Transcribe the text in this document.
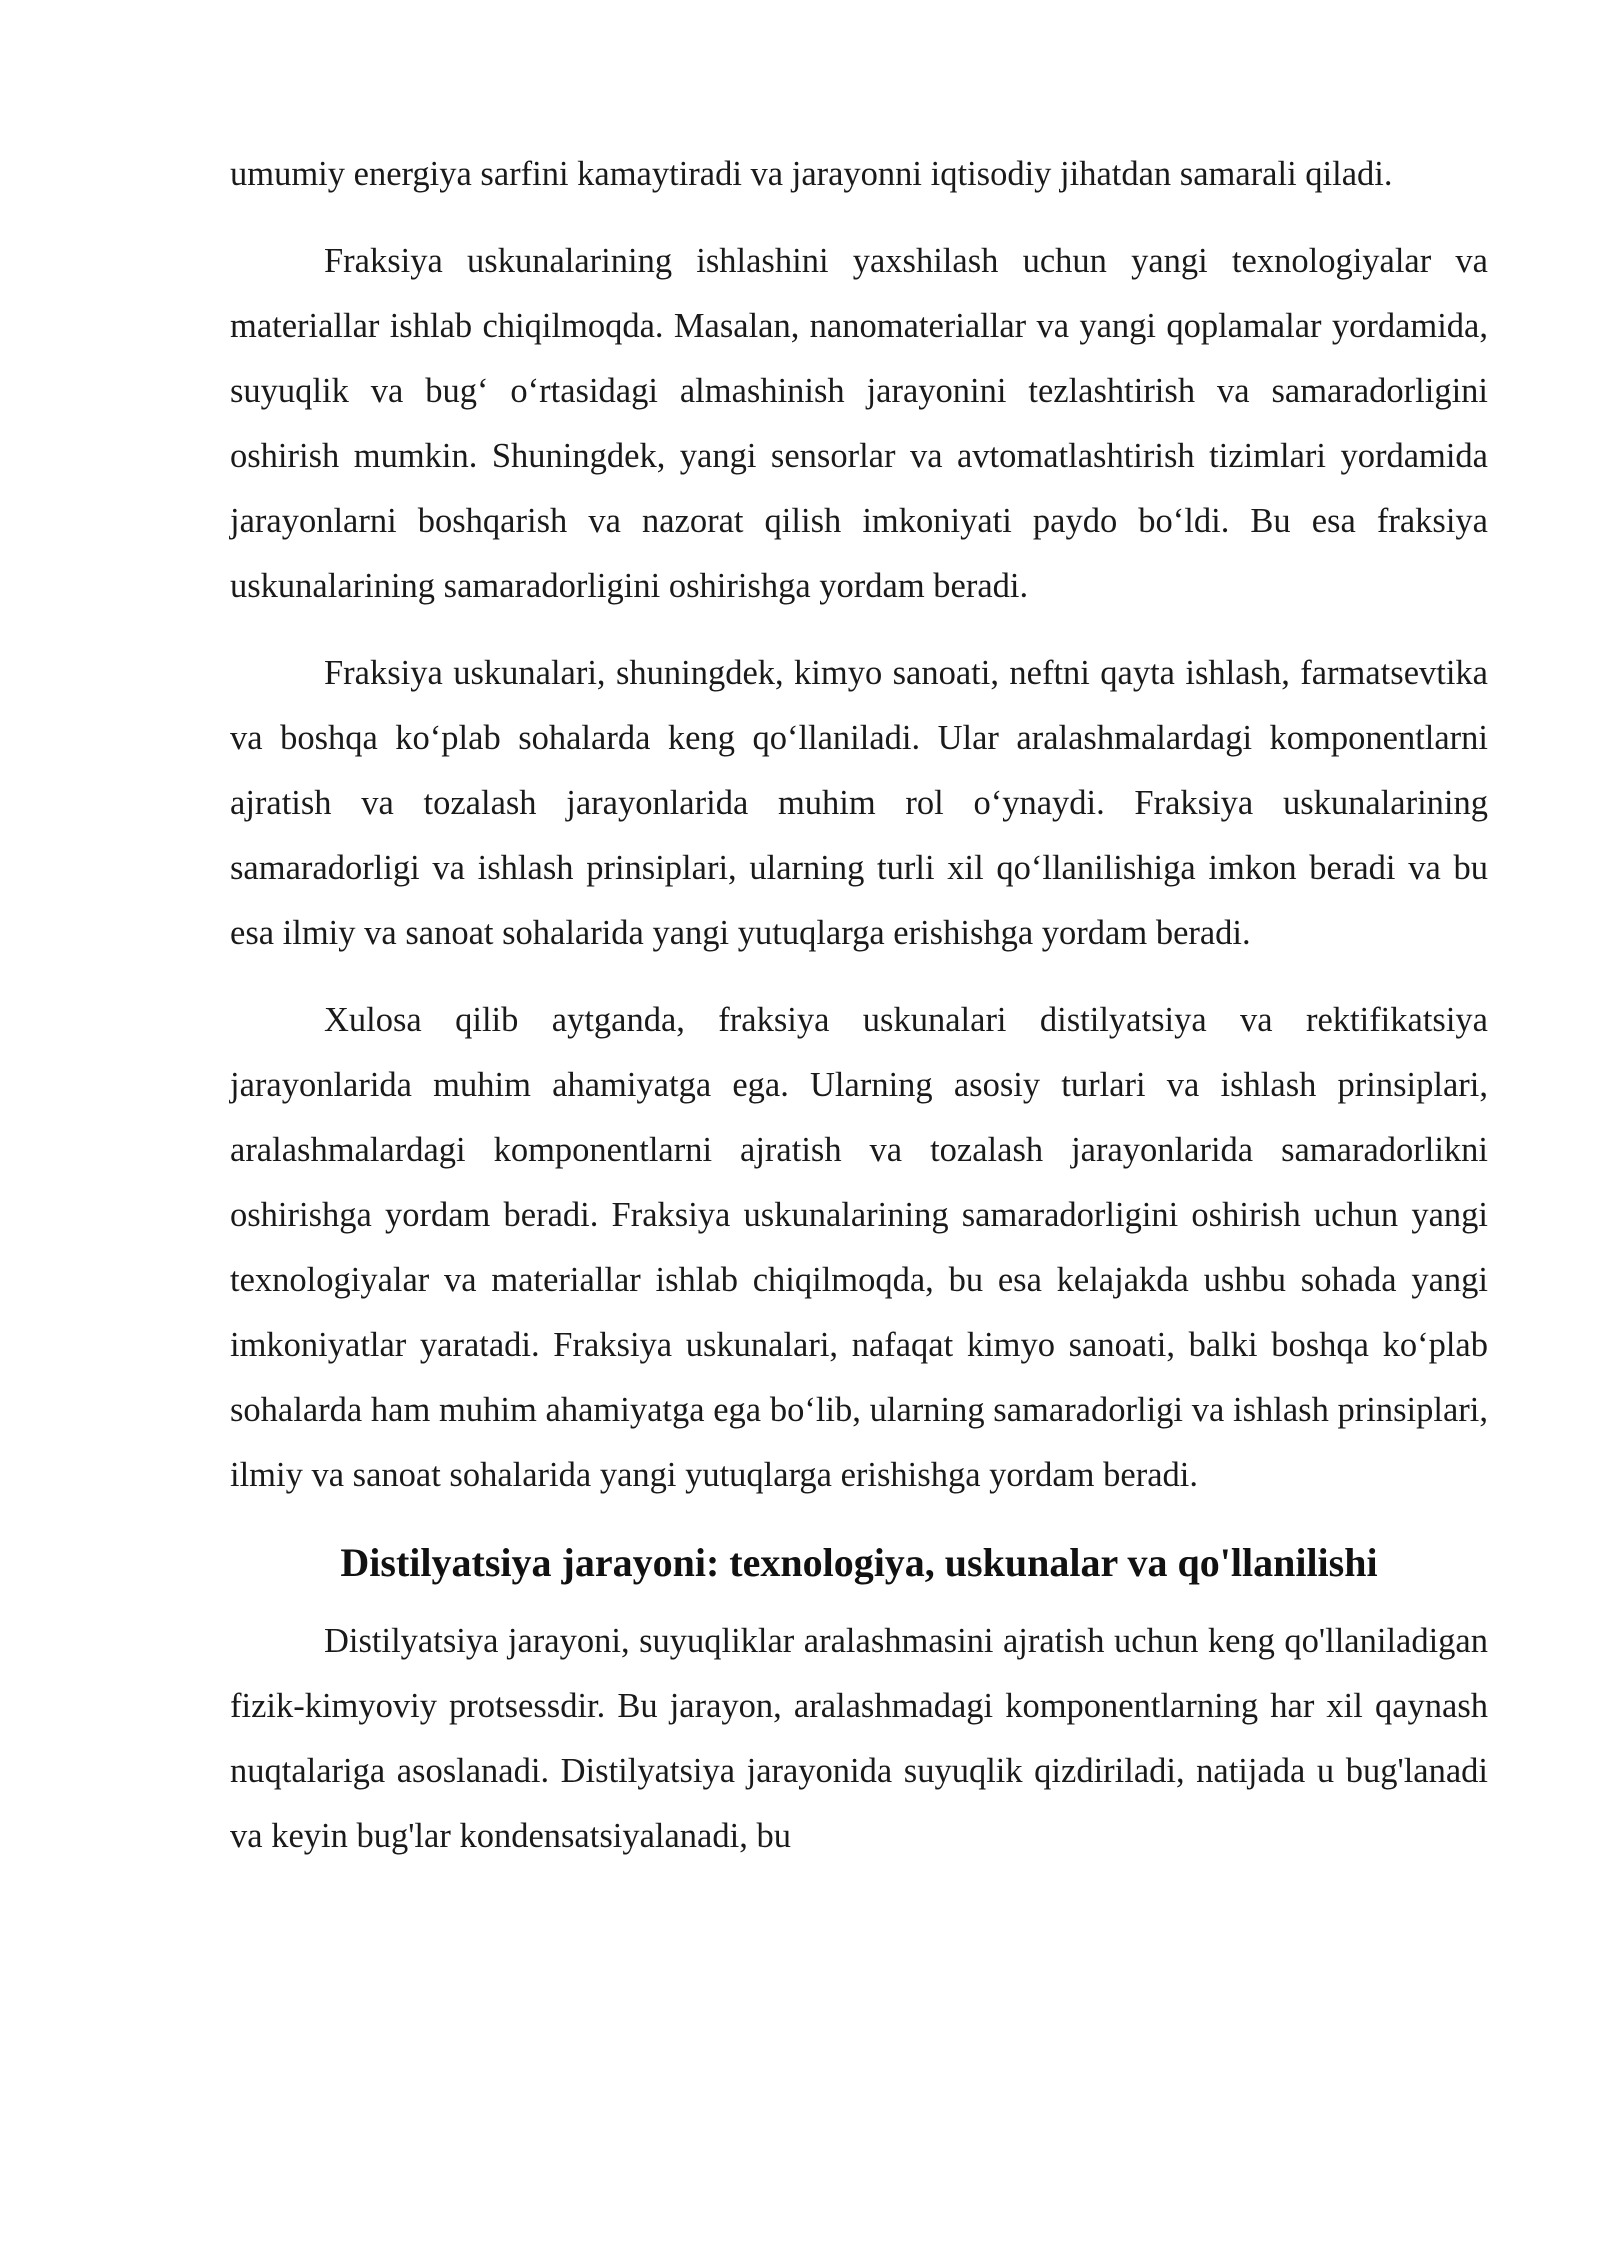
umumiy energiya sarfini kamaytiradi va jarayonni iqtisodiy jihatdan samarali qiladi.

Fraksiya uskunalarining ishlashini yaxshilash uchun yangi texnologiyalar va materiallar ishlab chiqilmoqda. Masalan, nanomateriallar va yangi qoplamalar yordamida, suyuqlik va bug‘ o‘rtasidagi almashinish jarayonini tezlashtirish va samaradorligini oshirish mumkin. Shuningdek, yangi sensorlar va avtomatlashtirish tizimlari yordamida jarayonlarni boshqarish va nazorat qilish imkoniyati paydo bo‘ldi. Bu esa fraksiya uskunalarining samaradorligini oshirishga yordam beradi.

Fraksiya uskunalari, shuningdek, kimyo sanoati, neftni qayta ishlash, farmatsevtika va boshqa ko‘plab sohalarda keng qo‘llaniladi. Ular aralashmalardagi komponentlarni ajratish va tozalash jarayonlarida muhim rol o‘ynaydi. Fraksiya uskunalarining samaradorligi va ishlash prinsiplari, ularning turli xil qo‘llanilishiga imkon beradi va bu esa ilmiy va sanoat sohalarida yangi yutuqlarga erishishga yordam beradi.

Xulosa qilib aytganda, fraksiya uskunalari distilyatsiya va rektifikatsiya jarayonlarida muhim ahamiyatga ega. Ularning asosiy turlari va ishlash prinsiplari, aralashmalardagi komponentlarni ajratish va tozalash jarayonlarida samaradorlikni oshirishga yordam beradi. Fraksiya uskunalarining samaradorligini oshirish uchun yangi texnologiyalar va materiallar ishlab chiqilmoqda, bu esa kelajakda ushbu sohada yangi imkoniyatlar yaratadi. Fraksiya uskunalari, nafaqat kimyo sanoati, balki boshqa ko‘plab sohalarda ham muhim ahamiyatga ega bo‘lib, ularning samaradorligi va ishlash prinsiplari, ilmiy va sanoat sohalarida yangi yutuqlarga erishishga yordam beradi.

Distilyatsiya jarayoni: texnologiya, uskunalar va qo'llanilishi

Distilyatsiya jarayoni, suyuqliklar aralashmasini ajratish uchun keng qo'llaniladigan fizik-kimyoviy protsessdir. Bu jarayon, aralashmadagi komponentlarning har xil qaynash nuqtalariga asoslanadi. Distilyatsiya jarayonida suyuqlik qizdiriladi, natijada u bug'lanadi va keyin bug'lar kondensatsiyalanadi, bu
